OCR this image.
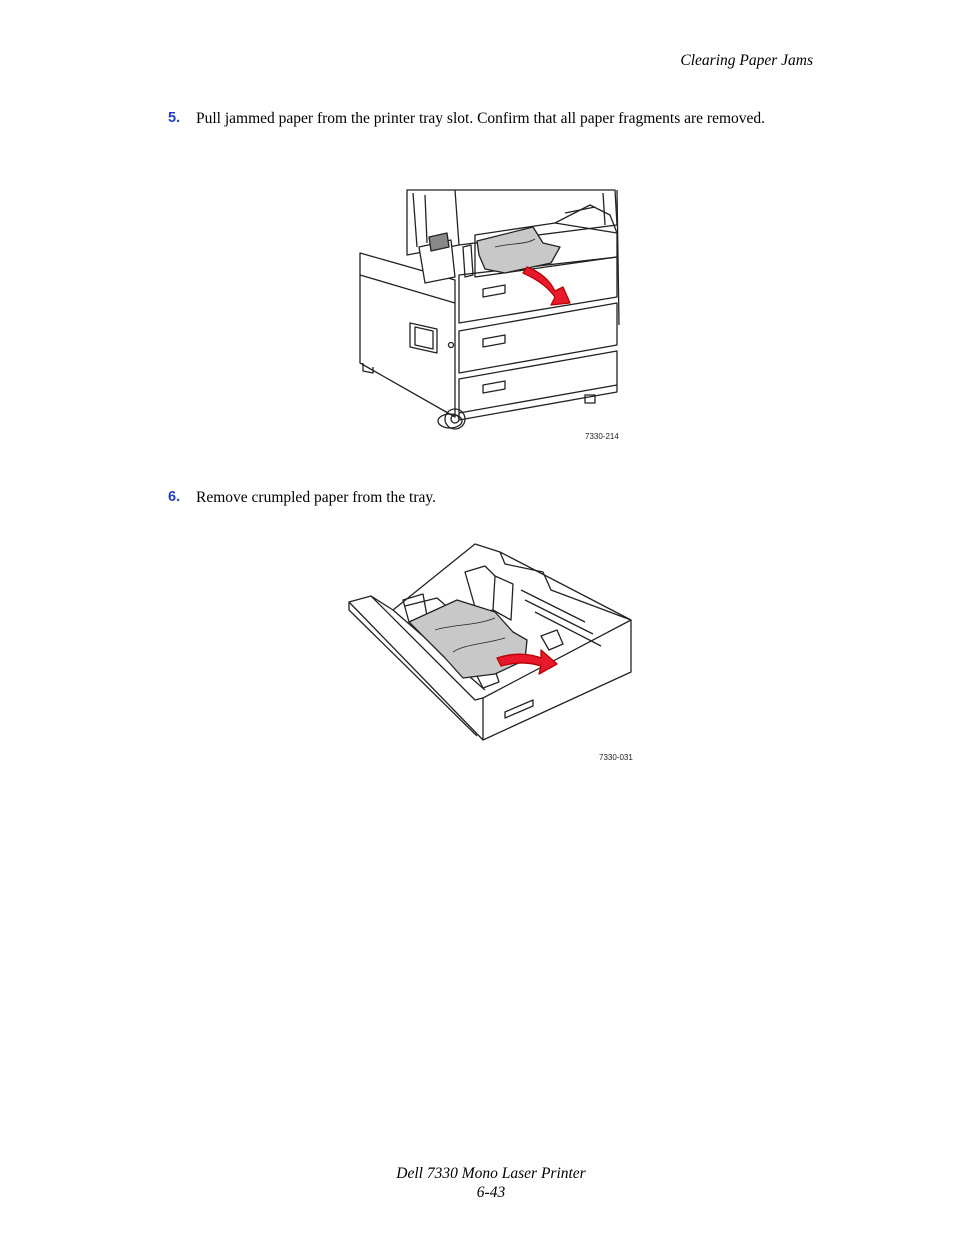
Clearing Paper Jams
5. Pull jammed paper from the printer tray slot. Confirm that all paper fragments are removed.
7330-214
6. Remove crumpled paper from the tray.
7330-031
Dell 7330 Mono Laser Printer
6-43
